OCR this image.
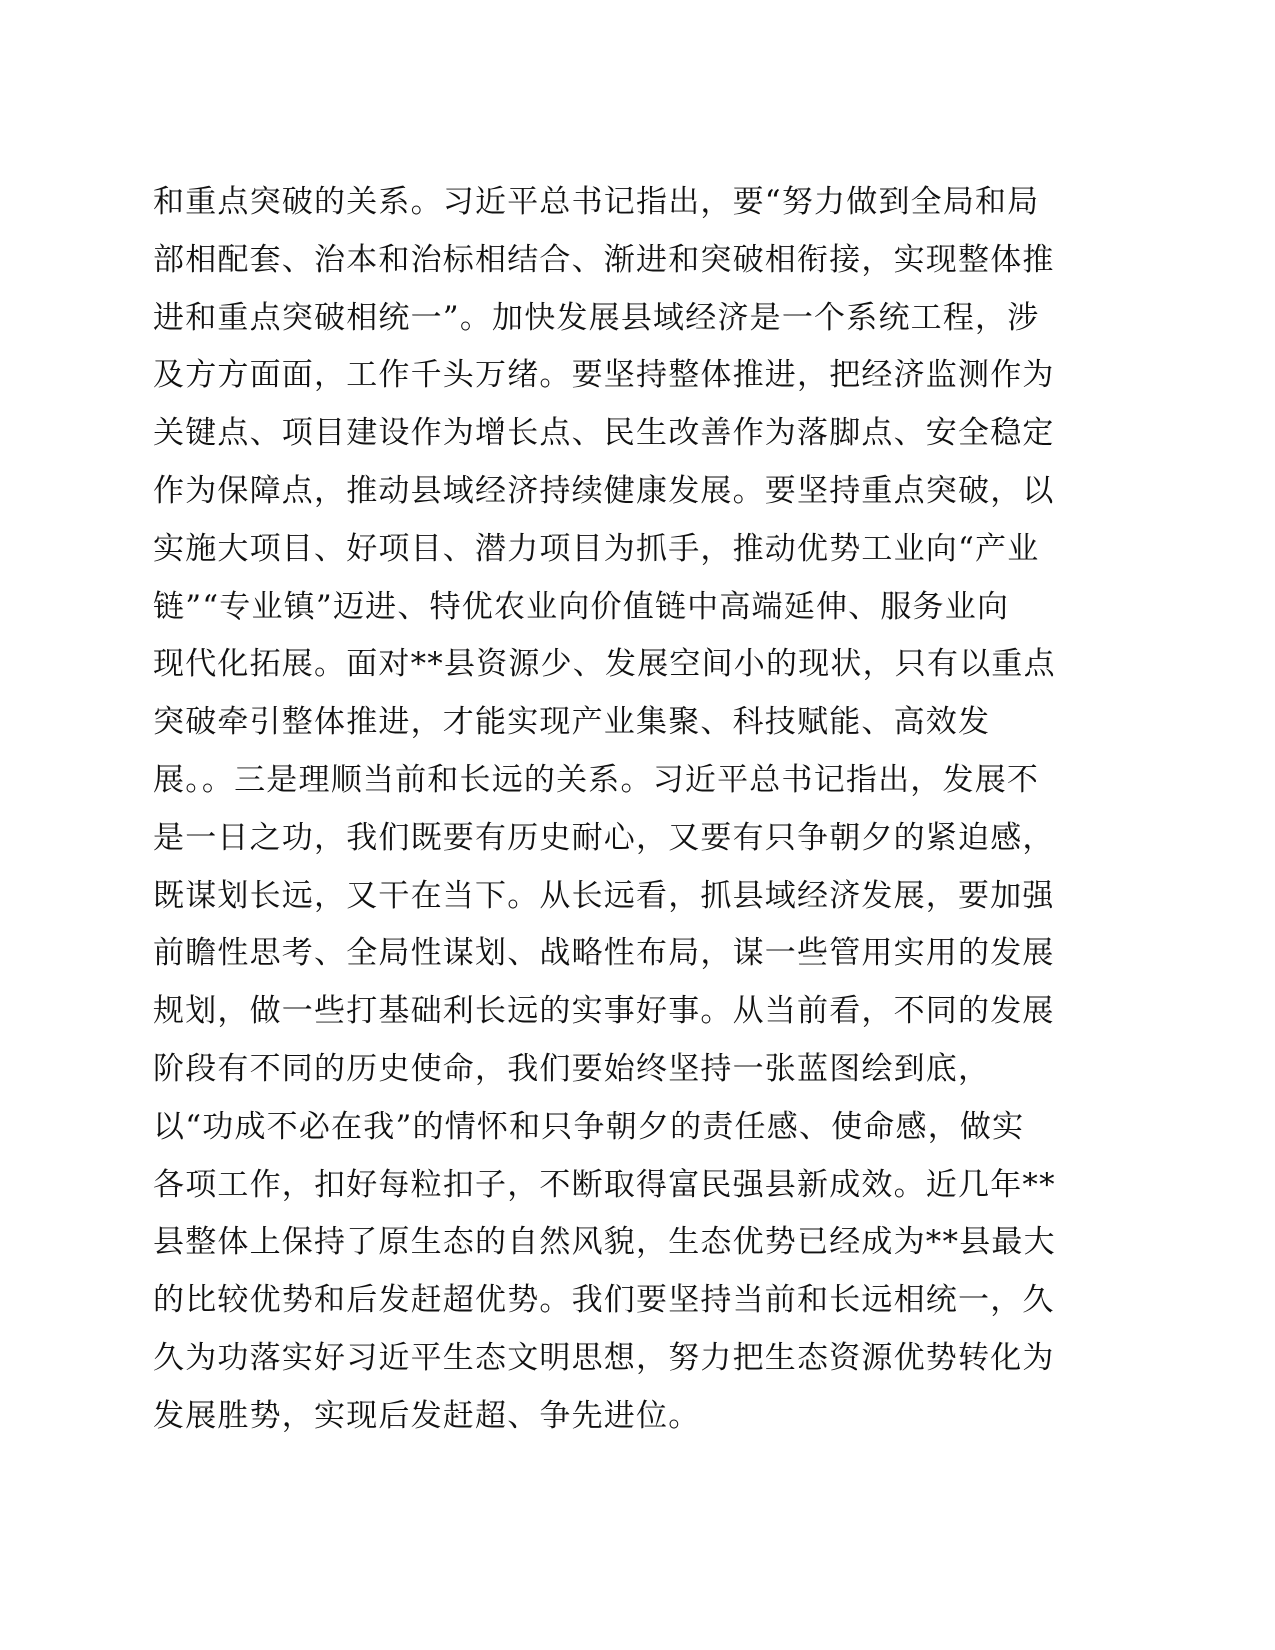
和重点突破的关系。习近平总书记指出，要“努力做到全局和局
部相配套、治本和治标相结合、渐进和突破相衔接，实现整体推
进和重点突破相统一”。加快发展县域经济是一个系统工程，涉
及方方面面，工作千头万绪。要坚持整体推进，把经济监测作为
关键点、项目建设作为增长点、民生改善作为落脚点、安全稳定
作为保障点，推动县域经济持续健康发展。要坚持重点突破，以
实施大项目、好项目、潜力项目为抓手，推动优势工业向“产业
链”“专业镇”迈进、特优农业向价值链中高端延伸、服务业向
现代化拓展。面对**县资源少、发展空间小的现状，只有以重点
突破牵引整体推进，才能实现产业集聚、科技赋能、高效发
展。。三是理顺当前和长远的关系。习近平总书记指出，发展不
是一日之功，我们既要有历史耐心，又要有只争朝夕的紧迫感，
既谋划长远，又干在当下。从长远看，抓县域经济发展，要加强
前瞻性思考、全局性谋划、战略性布局，谋一些管用实用的发展
规划，做一些打基础利长远的实事好事。从当前看，不同的发展
阶段有不同的历史使命，我们要始终坚持一张蓝图绘到底，
以“功成不必在我”的情怀和只争朝夕的责任感、使命感，做实
各项工作，扣好每粒扣子，不断取得富民强县新成效。近几年**
县整体上保持了原生态的自然风貌，生态优势已经成为**县最大
的比较优势和后发赶超优势。我们要坚持当前和长远相统一，久
久为功落实好习近平生态文明思想，努力把生态资源优势转化为
发展胜势，实现后发赶超、争先进位。
